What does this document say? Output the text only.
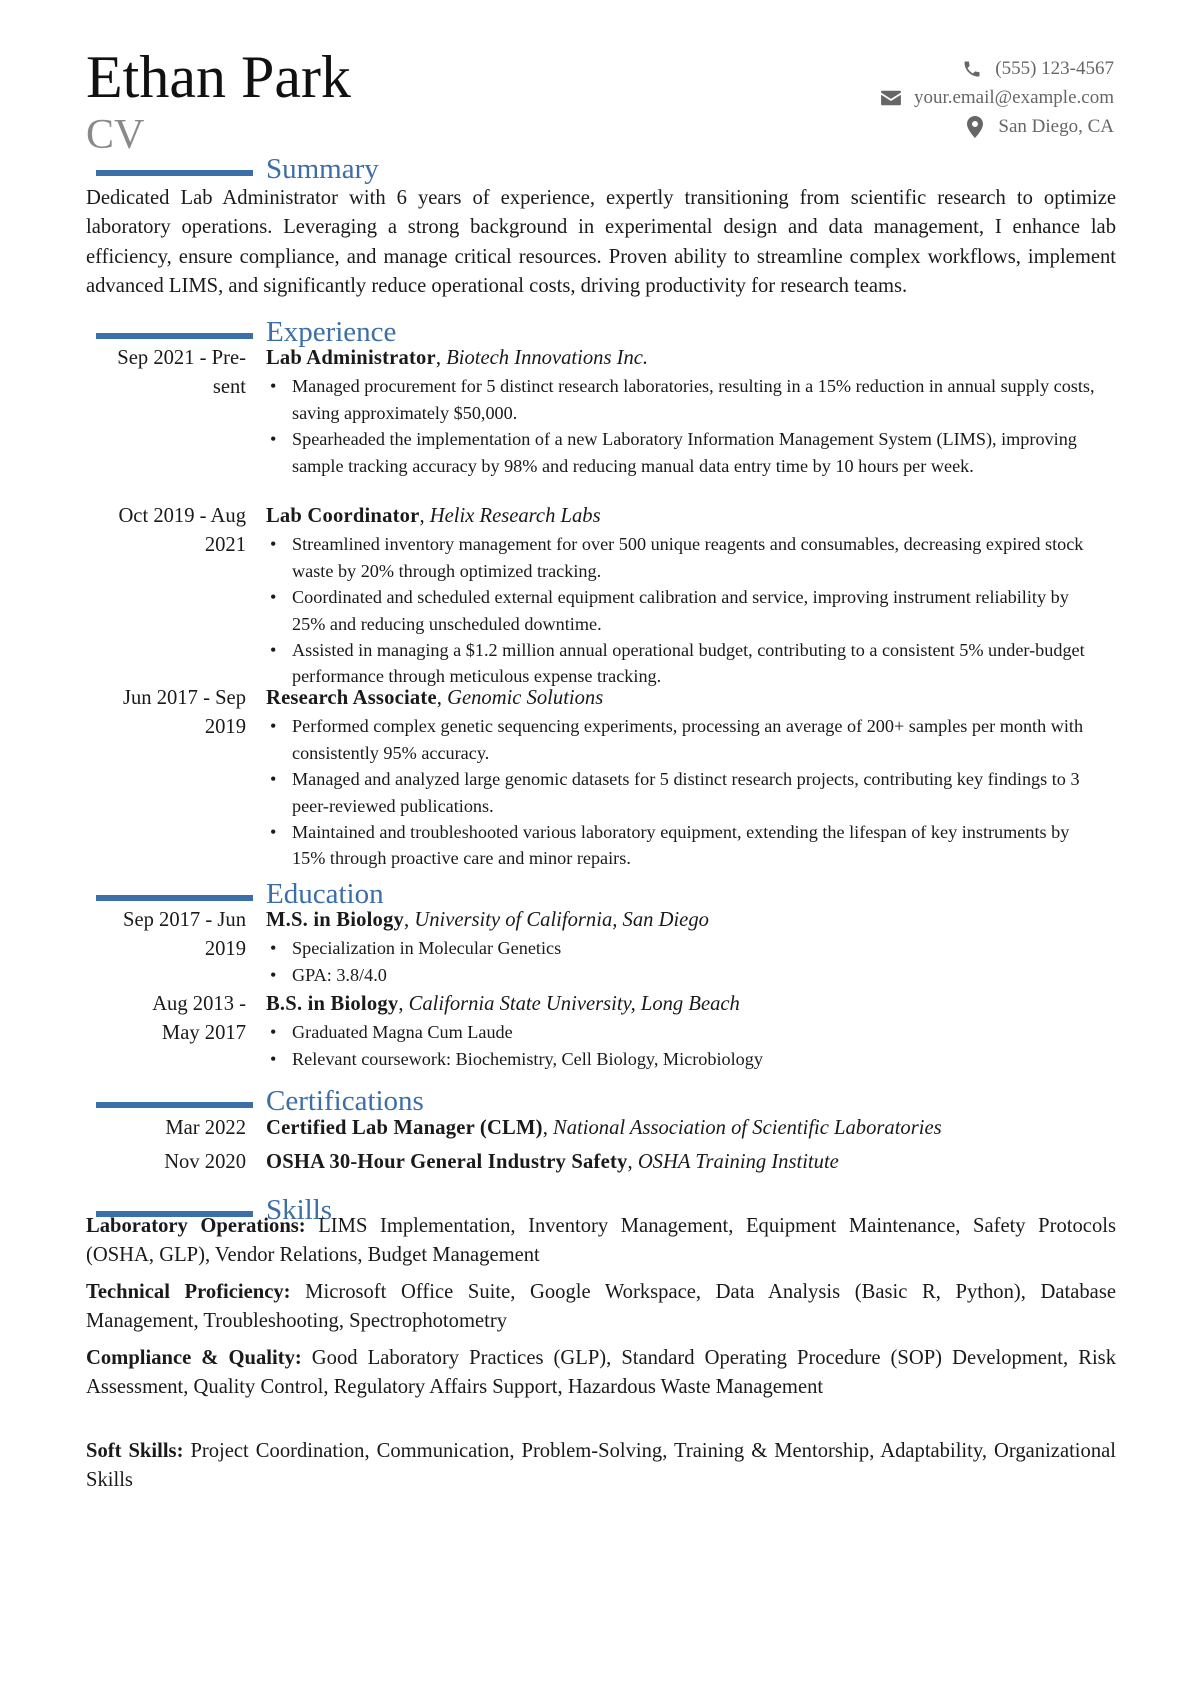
Ethan Park
CV
(555) 123-4567
your.email@example.com
San Diego, CA
Summary
Dedicated Lab Administrator with 6 years of experience, expertly transitioning from scientific research to optimize laboratory operations. Leveraging a strong background in experimental design and data management, I enhance lab efficiency, ensure compliance, and manage critical resources. Proven ability to streamline complex workflows, implement advanced LIMS, and significantly reduce operational costs, driving productivity for research teams.
Experience
Sep 2021 - Pre-
sent
Lab Administrator, Biotech Innovations Inc.
• Managed procurement for 5 distinct research laboratories, resulting in a 15% reduction in annual supply costs, saving approximately $50,000.
• Spearheaded the implementation of a new Laboratory Information Management System (LIMS), improving sample tracking accuracy by 98% and reducing manual data entry time by 10 hours per week.
Oct 2019 - Aug
2021
Lab Coordinator, Helix Research Labs
• Streamlined inventory management for over 500 unique reagents and consumables, decreasing expired stock waste by 20% through optimized tracking.
• Coordinated and scheduled external equipment calibration and service, improving instrument reliability by 25% and reducing unscheduled downtime.
• Assisted in managing a $1.2 million annual operational budget, contributing to a consistent 5% under-budget performance through meticulous expense tracking.
Jun 2017 - Sep
2019
Research Associate, Genomic Solutions
• Performed complex genetic sequencing experiments, processing an average of 200+ samples per month with consistently 95% accuracy.
• Managed and analyzed large genomic datasets for 5 distinct research projects, contributing key findings to 3 peer-reviewed publications.
• Maintained and troubleshooted various laboratory equipment, extending the lifespan of key instruments by 15% through proactive care and minor repairs.
Education
Sep 2017 - Jun
2019
M.S. in Biology, University of California, San Diego
• Specialization in Molecular Genetics
• GPA: 3.8/4.0
Aug 2013 -
May 2017
B.S. in Biology, California State University, Long Beach
• Graduated Magna Cum Laude
• Relevant coursework: Biochemistry, Cell Biology, Microbiology
Certifications
Mar 2022 Certified Lab Manager (CLM), National Association of Scientific Laboratories
Nov 2020 OSHA 30-Hour General Industry Safety, OSHA Training Institute
Skills
Laboratory Operations: LIMS Implementation, Inventory Management, Equipment Maintenance, Safety Protocols (OSHA, GLP), Vendor Relations, Budget Management
Technical Proficiency: Microsoft Office Suite, Google Workspace, Data Analysis (Basic R, Python), Database Management, Troubleshooting, Spectrophotometry
Compliance & Quality: Good Laboratory Practices (GLP), Standard Operating Procedure (SOP) Development, Risk Assessment, Quality Control, Regulatory Affairs Support, Hazardous Waste Management
Soft Skills: Project Coordination, Communication, Problem-Solving, Training & Mentorship, Adaptability, Organizational Skills
